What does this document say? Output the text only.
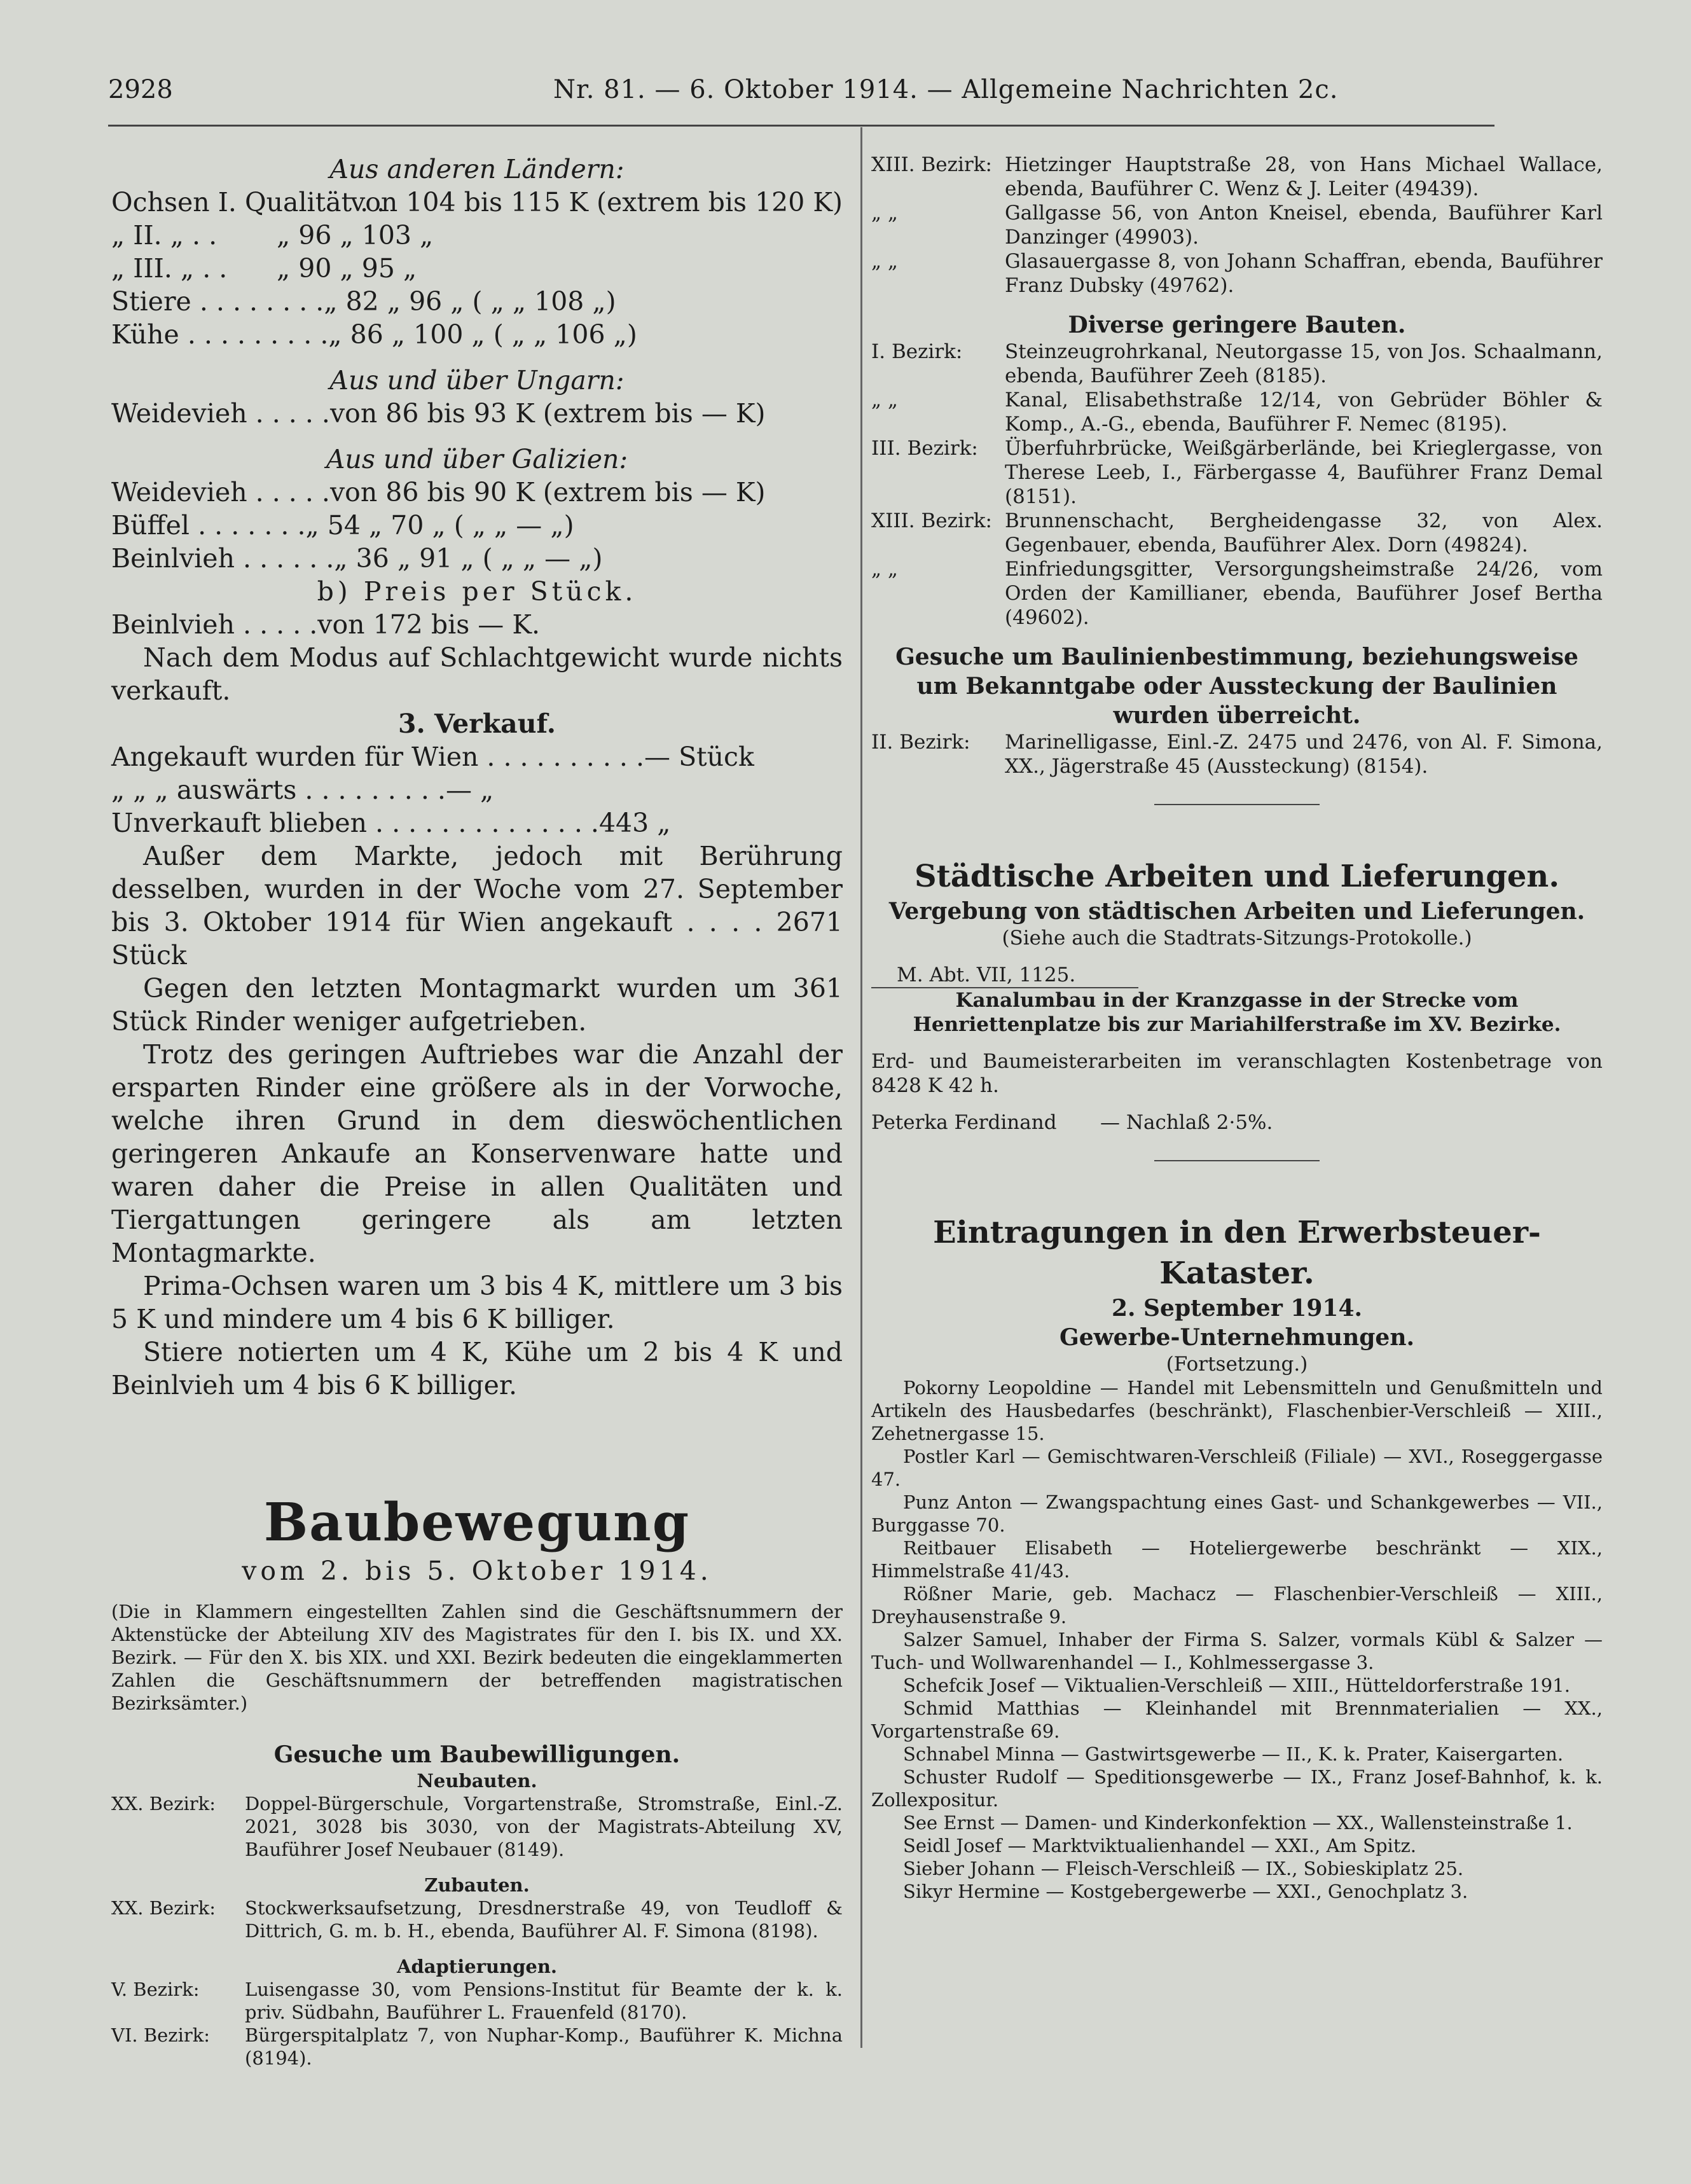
2928	Nr. 81. — 6. Oktober 1914. — Allgemeine Nachrichten 2c.
Aus anderen Ländern:
Ochsen I. Qualität . .
von 104 bis 115 K (extrem bis 120 K)
„ II. „ . .	„ 96 „ 103 „
„ III. „ . .	„ 90 „ 95 „
Stiere . . . . . . . . „ 82 „ 96 „ ( „ „ 108 „)
Kühe . . . . . . . . . „ 86 „ 100 „ ( „ „ 106 „)
Aus und über Ungarn:
Weidevieh . . . . . von 86 bis 93 K (extrem bis — K)
Aus und über Galizien:
Weidevieh . . . . . von 86 bis 90 K (extrem bis — K)
Büffel . . . . . . . „ 54 „ 70 „ ( „ „ — „)
Beinlvieh . . . . . . „ 36 „ 91 „ ( „ „ — „)
b) Preis per Stück.
Beinlvieh . . . . . von 172 bis — K.
Nach dem Modus auf Schlachtgewicht wurde nichts verkauft.
3. Verkauf.
Angekauft wurden für Wien . . . . . . . . . . — Stück
„ „ „ auswärts . . . . . . . . . — „
Unverkauft blieben . . . . . . . . . . . . . . 443 „

Außer dem Markte, jedoch mit Berührung desselben, wurden in der Woche vom 27. September bis 3. Oktober 1914 für Wien angekauft . . . . 2671 Stück

Gegen den letzten Montagmarkt wurden um 361 Stück Rinder weniger aufgetrieben.

Trotz des geringen Auftriebes war die Anzahl der ersparten Rinder eine größere als in der Vorwoche, welche ihren Grund in dem dieswöchentlichen geringeren Ankaufe an Konservenware hatte und waren daher die Preise in allen Qualitäten und Tiergattungen geringere als am letzten Montagmarkte.

Prima-Ochsen waren um 3 bis 4 K, mittlere um 3 bis 5 K und mindere um 4 bis 6 K billiger.

Stiere notierten um 4 K, Kühe um 2 bis 4 K und Beinlvieh um 4 bis 6 K billiger.

Baubewegung
vom 2. bis 5. Oktober 1914.
(Die in Klammern eingestellten Zahlen sind die Geschäftsnummern der Aktenstücke der Abteilung XIV des Magistrates für den I. bis IX. und XX. Bezirk. — Für den X. bis XIX. und XXI. Bezirk bedeuten die eingeklammerten Zahlen die Geschäftsnummern der betreffenden magistratischen Bezirksämter.)
Gesuche um Baubewilligungen.
Neubauten.
XX. Bezirk:	Doppel-Bürgerschule, Vorgartenstraße, Stromstraße, Einl.-Z. 2021, 3028 bis 3030, von der Magistrats-Abteilung XV, Bauführer Josef Neubauer (8149).
Zubauten.
XX. Bezirk:	Stockwerksaufsetzung, Dresdnerstraße 49, von Teudloff & Dittrich, G. m. b. H., ebenda, Bauführer Al. F. Simona (8198).
Adaptierungen.
V. Bezirk:	Luisengasse 30, vom Pensions-Institut für Beamte der k. k. priv. Südbahn, Bauführer L. Frauenfeld (8170).
VI. Bezirk:	Bürgerspitalplatz 7, von Nuphar-Komp., Bauführer K. Michna (8194).
XIII. Bezirk: Hietzinger Hauptstraße 28, von Hans Michael Wallace, ebenda, Bauführer C. Wenz & J. Leiter (49439).
„ „	Gallgasse 56, von Anton Kneisel, ebenda, Bauführer Karl Danzinger (49903).
„ „	Glasauergasse 8, von Johann Schaffran, ebenda, Bauführer Franz Dubsky (49762).
Diverse geringere Bauten.
I. Bezirk:	Steinzeugrohrkanal, Neutorgasse 15, von Jos. Schaalmann, ebenda, Bauführer Zeeh (8185).
„ „	Kanal, Elisabethstraße 12/14, von Gebrüder Böhler & Komp., A.-G., ebenda, Bauführer F. Nemec (8195).
III. Bezirk:	Überfuhrbrücke, Weißgärberlände, bei Krieglergasse, von Therese Leeb, I., Färbergasse 4, Bauführer Franz Demal (8151).
XIII. Bezirk: Brunnenschacht, Bergheidengasse 32, von Alex. Gegenbauer, ebenda, Bauführer Alex. Dorn (49824).
„ „	Einfriedungsgitter, Versorgungsheimstraße 24/26, vom Orden der Kamillianer, ebenda, Bauführer Josef Bertha (49602).
Gesuche um Baulinienbestimmung, beziehungsweise um Bekanntgabe oder Aussteckung der Baulinien wurden überreicht.
II. Bezirk:	Marinelligasse, Einl.-Z. 2475 und 2476, von Al. F. Simona, XX., Jägerstraße 45 (Aussteckung) (8154).
Städtische Arbeiten und Lieferungen.
Vergebung von städtischen Arbeiten und Lieferungen.
(Siehe auch die Stadtrats-Sitzungs-Protokolle.)
M. Abt. VII, 1125.
Kanalumbau in der Kranzgasse in der Strecke vom Henriettenplatze bis zur Mariahilferstraße im XV. Bezirke.
Erd- und Baumeisterarbeiten im veranschlagten Kostenbetrage von 8428 K 42 h.
Peterka Ferdinand	— Nachlaß 2·5%.
Eintragungen in den Erwerbsteuer-Kataster.
2. September 1914.
Gewerbe-Unternehmungen.
(Fortsetzung.)

Pokorny Leopoldine — Handel mit Lebensmitteln und Genußmitteln und Artikeln des Hausbedarfes (beschränkt), Flaschenbier-Verschleiß — XIII., Zehetnergasse 15.

Postler Karl — Gemischtwaren-Verschleiß (Filiale) — XVI., Roseggergasse 47.

Punz Anton — Zwangspachtung eines Gast- und Schankgewerbes — VII., Burggasse 70.

Reitbauer Elisabeth — Hoteliergewerbe beschränkt — XIX., Himmelstraße 41/43.

Rößner Marie, geb. Machacz — Flaschenbier-Verschleiß — XIII., Dreyhausenstraße 9.

Salzer Samuel, Inhaber der Firma S. Salzer, vormals Kübl & Salzer — Tuch- und Wollwarenhandel — I., Kohlmessergasse 3.

Schefcik Josef — Viktualien-Verschleiß — XIII., Hütteldorferstraße 191.

Schmid Matthias — Kleinhandel mit Brennmaterialien — XX., Vorgartenstraße 69.

Schnabel Minna — Gastwirtsgewerbe — II., K. k. Prater, Kaisergarten.

Schuster Rudolf — Speditionsgewerbe — IX., Franz Josef-Bahnhof, k. k. Zollexpositur.

See Ernst — Damen- und Kinderkonfektion — XX., Wallensteinstraße 1.

Seidl Josef — Marktviktualienhandel — XXI., Am Spitz.

Sieber Johann — Fleisch-Verschleiß — IX., Sobieskiplatz 25.

Sikyr Hermine — Kostgebergewerbe — XXI., Genochplatz 3.
